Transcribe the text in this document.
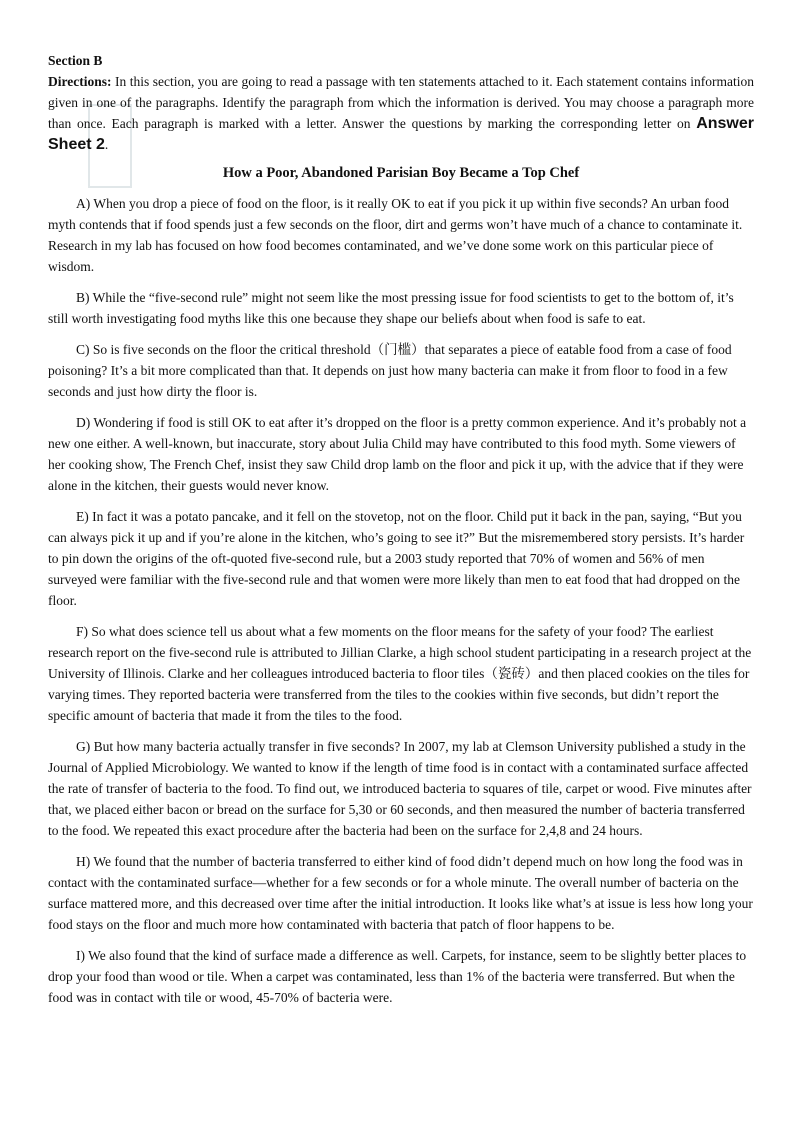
Section B

Directions: In this section, you are going to read a passage with ten statements attached to it. Each statement contains information given in one of the paragraphs. Identify the paragraph from which the information is derived. You may choose a paragraph more than once. Each paragraph is marked with a letter. Answer the questions by marking the corresponding letter on Answer Sheet 2.

How a Poor, Abandoned Parisian Boy Became a Top Chef

A) When you drop a piece of food on the floor, is it really OK to eat if you pick it up within five seconds? An urban food myth contends that if food spends just a few seconds on the floor, dirt and germs won’t have much of a chance to contaminate it. Research in my lab has focused on how food becomes contaminated, and we’ve done some work on this particular piece of wisdom.

B) While the “five-second rule” might not seem like the most pressing issue for food scientists to get to the bottom of, it’s still worth investigating food myths like this one because they shape our beliefs about when food is safe to eat.

C) So is five seconds on the floor the critical threshold（门槛）that separates a piece of eatable food from a case of food poisoning? It’s a bit more complicated than that. It depends on just how many bacteria can make it from floor to food in a few seconds and just how dirty the floor is.

D) Wondering if food is still OK to eat after it’s dropped on the floor is a pretty common experience. And it’s probably not a new one either. A well-known, but inaccurate, story about Julia Child may have contributed to this food myth. Some viewers of her cooking show, The French Chef, insist they saw Child drop lamb on the floor and pick it up, with the advice that if they were alone in the kitchen, their guests would never know.

E) In fact it was a potato pancake, and it fell on the stovetop, not on the floor. Child put it back in the pan, saying, “But you can always pick it up and if you’re alone in the kitchen, who’s going to see it?” But the misremembered story persists. It’s harder to pin down the origins of the oft-quoted five-second rule, but a 2003 study reported that 70% of women and 56% of men surveyed were familiar with the five-second rule and that women were more likely than men to eat food that had dropped on the floor.

F) So what does science tell us about what a few moments on the floor means for the safety of your food? The earliest research report on the five-second rule is attributed to Jillian Clarke, a high school student participating in a research project at the University of Illinois. Clarke and her colleagues introduced bacteria to floor tiles（瓷砖）and then placed cookies on the tiles for varying times. They reported bacteria were transferred from the tiles to the cookies within five seconds, but didn’t report the specific amount of bacteria that made it from the tiles to the food.

G) But how many bacteria actually transfer in five seconds? In 2007, my lab at Clemson University published a study in the Journal of Applied Microbiology. We wanted to know if the length of time food is in contact with a contaminated surface affected the rate of transfer of bacteria to the food. To find out, we introduced bacteria to squares of tile, carpet or wood. Five minutes after that, we placed either bacon or bread on the surface for 5,30 or 60 seconds, and then measured the number of bacteria transferred to the food. We repeated this exact procedure after the bacteria had been on the surface for 2,4,8 and 24 hours.

H) We found that the number of bacteria transferred to either kind of food didn’t depend much on how long the food was in contact with the contaminated surface—whether for a few seconds or for a whole minute. The overall number of bacteria on the surface mattered more, and this decreased over time after the initial introduction. It looks like what’s at issue is less how long your food stays on the floor and much more how contaminated with bacteria that patch of floor happens to be.

I) We also found that the kind of surface made a difference as well. Carpets, for instance, seem to be slightly better places to drop your food than wood or tile. When a carpet was contaminated, less than 1% of the bacteria were transferred. But when the food was in contact with tile or wood, 45-70% of bacteria were.
